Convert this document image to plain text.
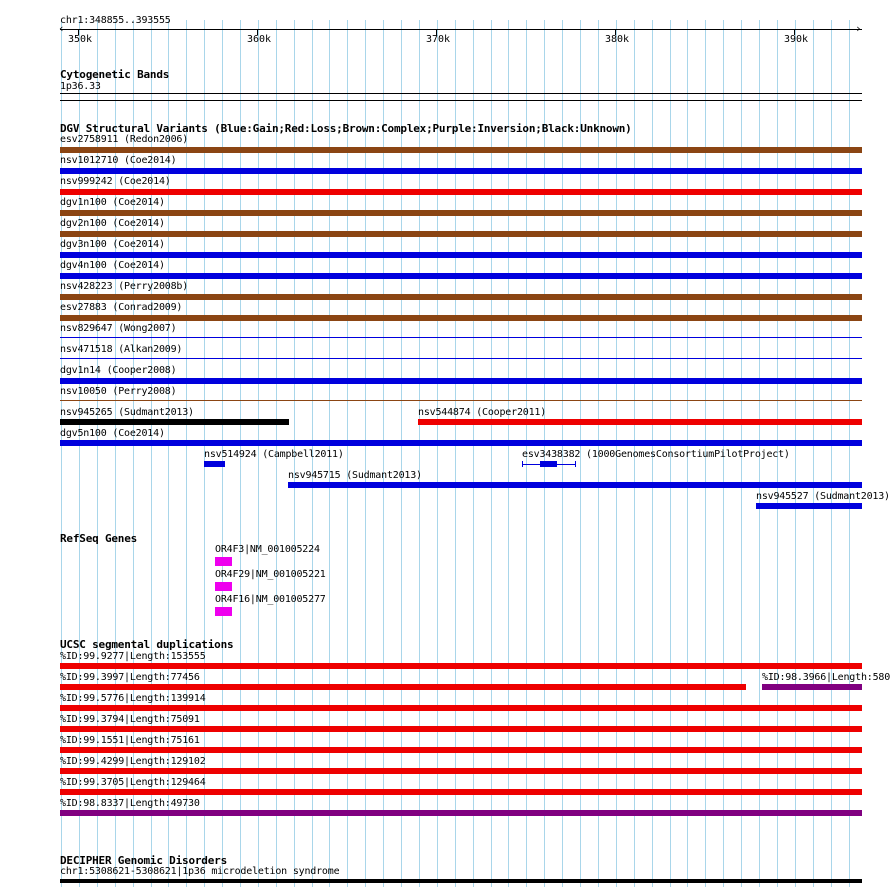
chr1:348855..393555
‹	›
350k	360k	370k	380k	390k
Cytogenetic Bands
1p36.33
DGV Structural Variants (Blue:Gain;Red:Loss;Brown:Complex;Purple:Inversion;Black:Unknown)
esv2758911 (Redon2006)
nsv1012710 (Coe2014)
nsv999242 (Coe2014)
dgv1n100 (Coe2014)
dgv2n100 (Coe2014)
dgv3n100 (Coe2014)
dgv4n100 (Coe2014)
nsv428223 (Perry2008b)
esv27883 (Conrad2009)
nsv829647 (Wong2007)
nsv471518 (Alkan2009)
dgv1n14 (Cooper2008)
nsv10050 (Perry2008)
nsv945265 (Sudmant2013)	nsv544874 (Cooper2011)
dgv5n100 (Coe2014)
nsv514924 (Campbell2011)	esv3438382 (1000GenomesConsortiumPilotProject)
nsv945715 (Sudmant2013)
nsv945527 (Sudmant2013)
RefSeq Genes
OR4F3|NM_001005224
OR4F29|NM_001005221
OR4F16|NM_001005277
UCSC segmental duplications
%ID:99.9277|Length:153555
%ID:99.3997|Length:77456
%ID:99.5776|Length:139914
%ID:99.3794|Length:75091
%ID:99.1551|Length:75161
%ID:99.4299|Length:129102
%ID:99.3705|Length:129464
%ID:98.8337|Length:49730
%ID:98.3966|Length:580
DECIPHER Genomic Disorders
chr1:5308621-5308621|1p36 microdeletion syndrome
